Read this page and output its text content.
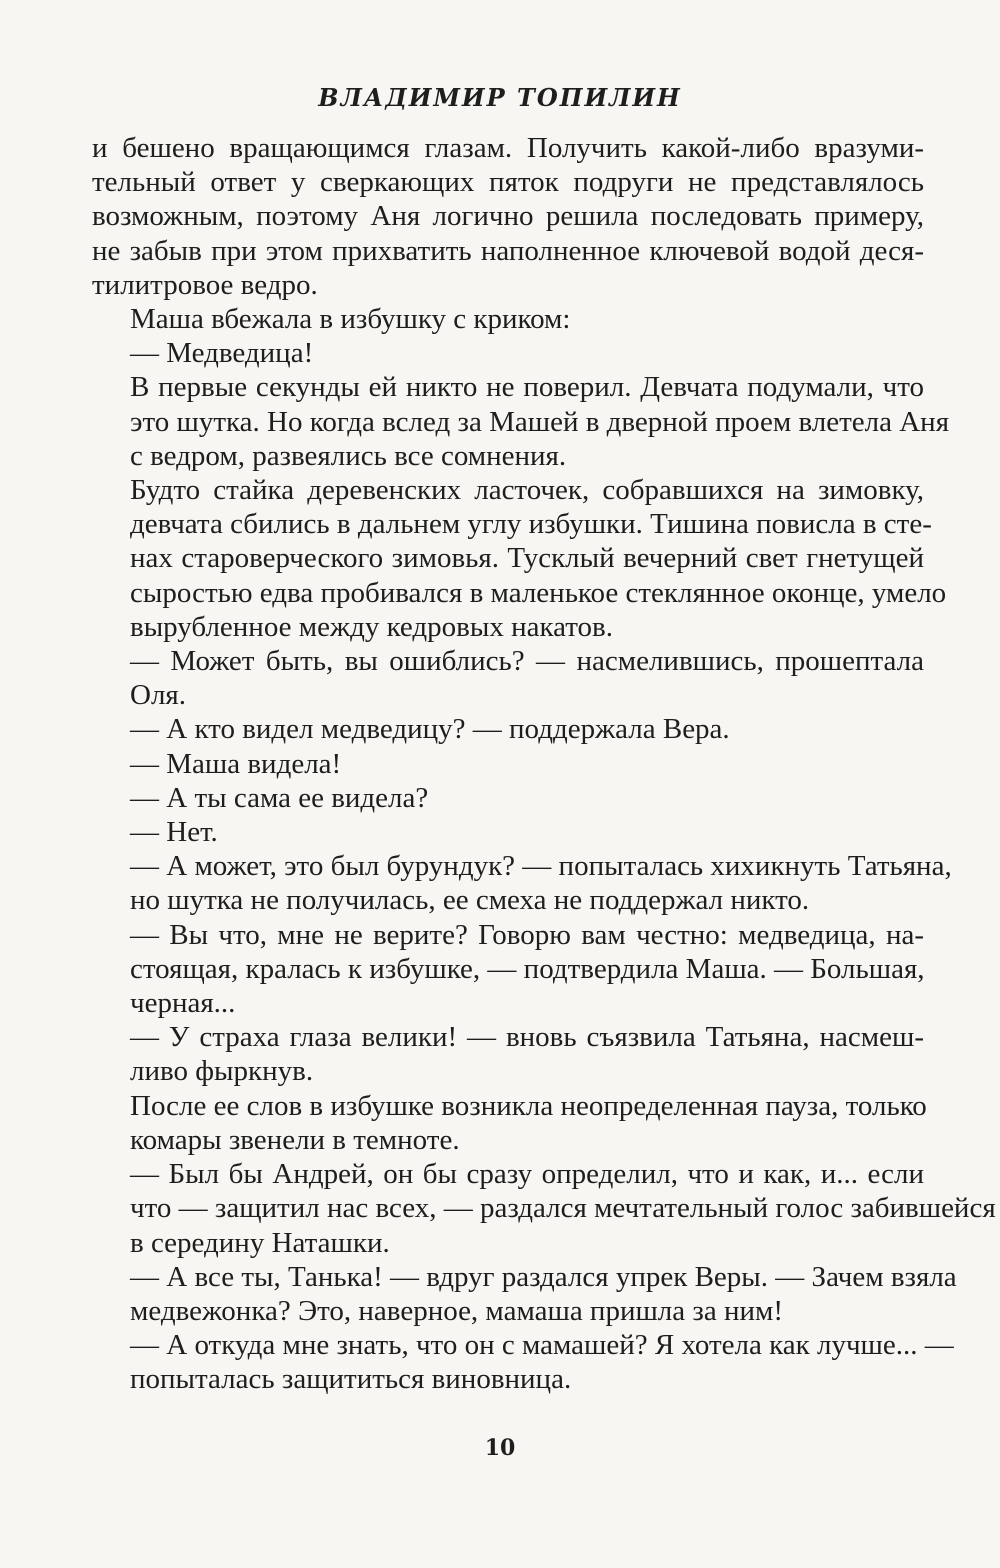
ВЛАДИМИР ТОПИЛИН

и бешено вращающимся глазам. Получить какой-либо вразуми-
тельный ответ у сверкающих пяток подруги не представлялось
возможным, поэтому Аня логично решила последовать примеру,
не забыв при этом прихватить наполненное ключевой водой деся-
тилитровое ведро.

Маша вбежала в избушку с криком:

— Медведица!

В первые секунды ей никто не поверил. Девчата подумали, что
это шутка. Но когда вслед за Машей в дверной проем влетела Аня
с ведром, развеялись все сомнения.

Будто стайка деревенских ласточек, собравшихся на зимовку,
девчата сбились в дальнем углу избушки. Тишина повисла в сте-
нах староверческого зимовья. Тусклый вечерний свет гнетущей
сыростью едва пробивался в маленькое стеклянное оконце, умело
вырубленное между кедровых накатов.

— Может быть, вы ошиблись? — насмелившись, прошептала
Оля.

— А кто видел медведицу? — поддержала Вера.

— Маша видела!

— А ты сама ее видела?

— Нет.

— А может, это был бурундук? — попыталась хихикнуть Татьяна,
но шутка не получилась, ее смеха не поддержал никто.

— Вы что, мне не верите? Говорю вам честно: медведица, на-
стоящая, кралась к избушке, — подтвердила Маша. — Большая,
черная...

— У страха глаза велики! — вновь съязвила Татьяна, насмеш-
ливо фыркнув.

После ее слов в избушке возникла неопределенная пауза, только
комары звенели в темноте.

— Был бы Андрей, он бы сразу определил, что и как, и... если
что — защитил нас всех, — раздался мечтательный голос забившейся
в середину Наташки.

— А все ты, Танька! — вдруг раздался упрек Веры. — Зачем взяла
медвежонка? Это, наверное, мамаша пришла за ним!

— А откуда мне знать, что он с мамашей? Я хотела как лучше... —
попыталась защититься виновница.

10
